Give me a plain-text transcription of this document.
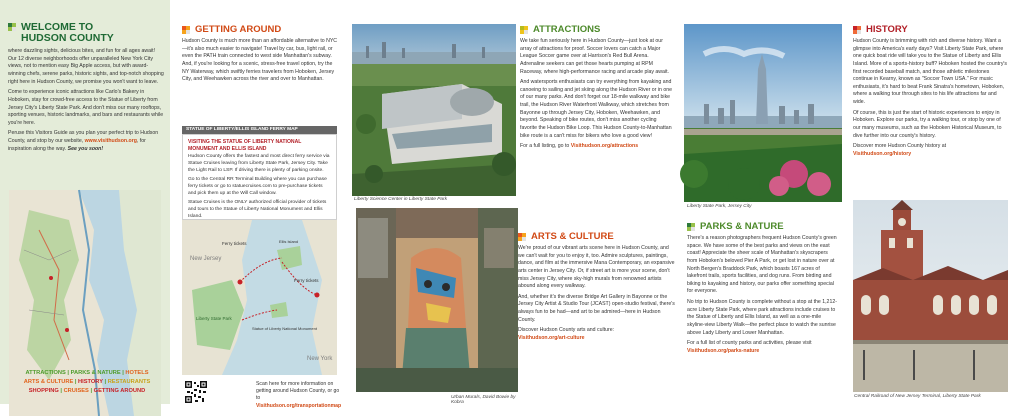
WELCOME TO
HUDSON COUNTY

where dazzling sights, delicious bites, and fun for all ages await! Our 12 diverse neighborhoods offer unparalleled New York City views, not to mention easy Big Apple access, but with award-winning chefs, serene parks, historic sights, and top-notch shopping right here in Hudson County, we promise you won't want to leave.

Come to experience iconic attractions like Carlo's Bakery in Hoboken, stay for crowd-free access to the Statue of Liberty from Jersey City's Liberty State Park. And don't miss our many rooftops, sporting venues, historic landmarks, and bars and restaurants while you're here.

Peruse this Visitors Guide as you plan your perfect trip to Hudson County, and stop by our website, www.visithudson.org, for inspiration along the way. See you soon!

ATTRACTIONS | PARKS & NATURE | HOTELS
ARTS & CULTURE | HISTORY | RESTAURANTS
SHOPPING | CRUISES | GETTING AROUND
GETTING AROUND

Hudson County is much more than an affordable alternative to NYC—it's also much easier to navigate! Travel by car, bus, light rail, or even the PATH train connected to west side Manhattan's subway. And, if you're looking for a scenic, stress-free travel option, try the NY Waterway, which swiftly ferries travelers from Hoboken, Jersey City, and Weehawken across the river and over to Manhattan.

STATUE OF LIBERTY/ELLIS ISLAND FERRY MAP
VISITING THE STATUE OF LIBERTY NATIONAL MONUMENT AND ELLIS ISLAND
Hudson County offers the fastest and most direct ferry service via Statue Cruises leaving from Liberty State Park, Jersey City. Take the Light Rail to LSP. If driving there is plenty of parking onsite.
Go to the Central RR Terminal Building where you can purchase ferry tickets or go to statuecruises.com to pre-purchase tickets and pick them up at the Will Call window.
Statue Cruises is the ONLY authorized official provider of tickets and tours to the Statue of Liberty National Monument and Ellis Island.
Ferry tickets
Ferry tickets
Ellis Island
Statue of Liberty National Monument
Liberty State Park
New York
New Jersey
Scan here for more information on getting around Hudson County, or go to
Visithudson.org/transportationmap
Liberty Science Center in Liberty State Park
Urban Murals, David Bowie by Kobra
ATTRACTIONS

We take fun seriously here in Hudson County—just look at our array of attractions for proof. Soccer lovers can catch a Major League Soccer game over at Harrison's Red Bull Arena. Adrenaline seekers can get those hearts pumping at RPM Raceway, where high-performance racing and arcade play await.

And watersports enthusiasts can try everything from kayaking and canoeing to sailing and jet skiing along the Hudson River or in one of our many parks. And don't forget our 18-mile walkway and bike trail, the Hudson River Waterfront Walkway, which stretches from Bayonne up through Jersey City, Hoboken, Weehawken, and beyond. Speaking of bike routes, don't miss another cycling favorite the Hudson Bike Loop. This Hudson County-to-Manhattan bike route is a can't miss for bikers who love a good view!

For a full listing, go to Visithudson.org/attractions

ARTS & CULTURE

We're proud of our vibrant arts scene here in Hudson County, and we can't wait for you to enjoy it, too. Admire sculptures, paintings, dance, and film at the immersive Mana Contemporary, an expansive arts center in Jersey City. Or, if street art is more your scene, don't miss Jersey City, where sky-high murals from renowned artists abound along every walkway.

And, whether it's the diverse Bridge Art Gallery in Bayonne or the Jersey City Artist & Studio Tour (JCAST) open-studio festival, there's always fun to be had—and art to be admired—here in Hudson County.

Discover Hudson County arts and culture:
Visithudson.org/art-culture

Liberty State Park, Jersey City
PARKS & NATURE

There's a reason photographers frequent Hudson County's green space. We have some of the best parks and views on the east coast! Appreciate the sheer scale of Manhattan's skyscrapers from Hoboken's beloved Pier A Park, or get lost in nature over at North Bergen's Braddock Park, which boasts 167 acres of lakefront trails, sports facilities, and dog runs. From birding and biking to kayaking and history, our parks offer something special for everyone.

No trip to Hudson County is complete without a stop at the 1,212-acre Liberty State Park, where park attractions include cruises to the Statue of Liberty and Ellis Island, as well as a one-mile skyline-view Liberty Walk—the perfect place to watch the sunrise above Lady Liberty and Lower Manhattan.

For a full list of county parks and activities, please visit Visithudson.org/parks-nature

HISTORY

Hudson County is brimming with rich and diverse history. Want a glimpse into America's early days? Visit Liberty State Park, where one quick boat ride will take you to the Statue of Liberty and Ellis Island. More of a sports-history buff? Hoboken hosted the country's first recorded baseball match, and those athletic milestones continue in Kearny, known as "Soccer Town USA." For music enthusiasts, it's hard to beat Frank Sinatra's hometown, Hoboken, where a walking tour through sites to his life attractions far and wide.

Of course, this is just the start of historic experiences to enjoy in Hoboken. Explore our parks, try a walking tour, or stop by one of our many museums, such as the Hoboken Historical Museum, to dive further into our county's history.

Discover more Hudson County history at
Visithudson.org/history

Central Railroad of New Jersey Terminal, Liberty State Park
